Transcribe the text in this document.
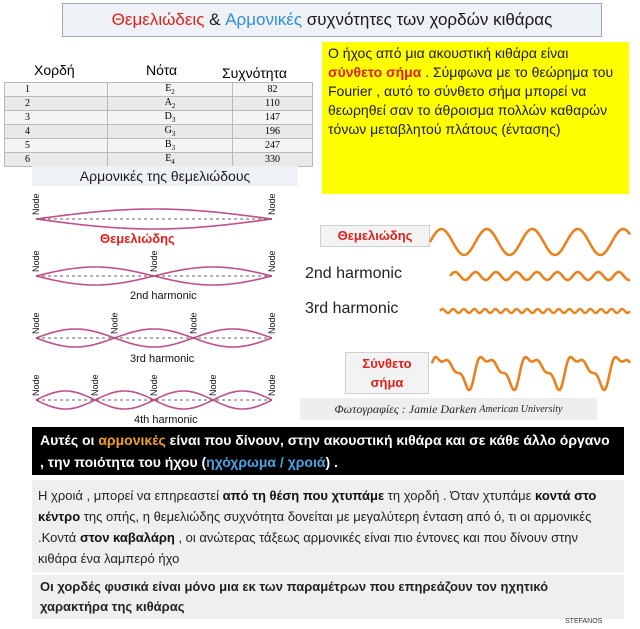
Θεμελιώδεις & Αρμονικές συχνότητες των χορδών κιθάρας
Χορδή	Νότα	Συχνότητα
1	$E_2$	82
2	$A_2$	110
3	$D_3$	147
4	$G_3$	196
5	$B_3$	247
6	$E_4$	330
Ο ήχος από μια ακουστική κιθάρα είναι σύνθετο σήμα . Σύμφωνα με το θεώρημα του Fourier , αυτό το σύνθετο σήμα μπορεί να θεωρηθεί σαν το άθροισμα πολλών καθαρών τόνων μεταβλητού πλάτους (έντασης)
Αρμονικές της θεμελιώδους
Node	Node
Node	Node	Node
Node	Node	Node	Node
Node	Node	Node	Node	Node
Θεμελιώδης
2nd harmonic
3rd harmonic
4th harmonic
Θεμελιώδης
2nd harmonic
3rd harmonic
Σύνθετο
σήμα
Φωτογραφίες : Jamie Darken American University
Αυτές οι αρμονικές είναι που δίνουν, στην ακουστική κιθάρα και σε κάθε άλλο όργανο , την ποιότητα του ήχου (ηχόχρωμα / χροιά) .
Η χροιά , μπορεί να επηρεαστεί από τη θέση που χτυπάμε τη χορδή . Όταν χτυπάμε κοντά στο κέντρο της οπής, η θεμελιώδης συχνότητα δονείται με μεγαλύτερη ένταση από ό, τι οι αρμονικές .Κοντά στον καβαλάρη , οι ανώτερας τάξεως αρμονικές είναι πιο έντονες και που δίνουν στην κιθάρα ένα λαμπερό ήχο
Οι χορδές φυσικά είναι μόνο μια εκ των παραμέτρων που επηρεάζουν τον ηχητικό χαρακτήρα της κιθάρας
STEFANOS
